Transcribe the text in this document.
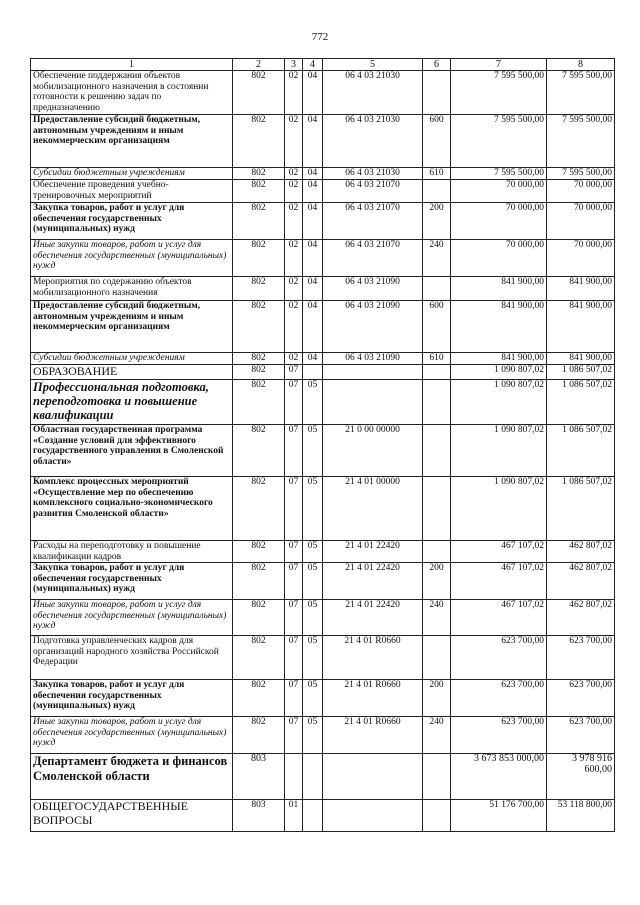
772
1	2	3	4	5	6	7	8
Обеспечение поддержания объектов мобилизационного назначения в состоянии готовности к решению задач по предназначению	802	02	04	06 4 03 21030		7 595 500,00	7 595 500,00
Предоставление субсидий бюджетным, автономным учреждениям и иным некоммерческим организациям	802	02	04	06 4 03 21030	600	7 595 500,00	7 595 500,00
Субсидии бюджетным учреждениям	802	02	04	06 4 03 21030	610	7 595 500,00	7 595 500,00
Обеспечение проведения учебно-тренировочных мероприятий	802	02	04	06 4 03 21070		70 000,00	70 000,00
Закупка товаров, работ и услуг для обеспечения государственных (муниципальных) нужд	802	02	04	06 4 03 21070	200	70 000,00	70 000,00
Иные закупки товаров, работ и услуг для обеспечения государственных (муниципальных) нужд	802	02	04	06 4 03 21070	240	70 000,00	70 000,00
Мероприятия по содержанию объектов мобилизационного назначения	802	02	04	06 4 03 21090		841 900,00	841 900,00
Предоставление субсидий бюджетным, автономным учреждениям и иным некоммерческим организациям	802	02	04	06 4 03 21090	600	841 900,00	841 900,00
Субсидии бюджетным учреждениям	802	02	04	06 4 03 21090	610	841 900,00	841 900,00
ОБРАЗОВАНИЕ	802	07				1 090 807,02	1 086 507,02
Профессиональная подготовка, переподготовка и повышение квалификации	802	07	05			1 090 807,02	1 086 507,02
Областная государственная программа «Создание условий для эффективного государственного управления в Смоленской области»	802	07	05	21 0 00 00000		1 090 807,02	1 086 507,02
Комплекс процессных мероприятий «Осуществление мер по обеспечению комплексного социально-экономического развития Смоленской области»	802	07	05	21 4 01 00000		1 090 807,02	1 086 507,02
Расходы на переподготовку и повышение квалификации кадров	802	07	05	21 4 01 22420		467 107,02	462 807,02
Закупка товаров, работ и услуг для обеспечения государственных (муниципальных) нужд	802	07	05	21 4 01 22420	200	467 107,02	462 807,02
Иные закупки товаров, работ и услуг для обеспечения государственных (муниципальных) нужд	802	07	05	21 4 01 22420	240	467 107,02	462 807,02
Подготовка управленческих кадров для организаций народного хозяйства Российской Федерации	802	07	05	21 4 01 R0660		623 700,00	623 700,00
Закупка товаров, работ и услуг для обеспечения государственных (муниципальных) нужд	802	07	05	21 4 01 R0660	200	623 700,00	623 700,00
Иные закупки товаров, работ и услуг для обеспечения государственных (муниципальных) нужд	802	07	05	21 4 01 R0660	240	623 700,00	623 700,00
Департамент бюджета и финансов Смоленской области	803					3 673 853 000,00	3 978 916 600,00
ОБЩЕГОСУДАРСТВЕННЫЕ ВОПРОСЫ	803	01				51 176 700,00	53 118 800,00
